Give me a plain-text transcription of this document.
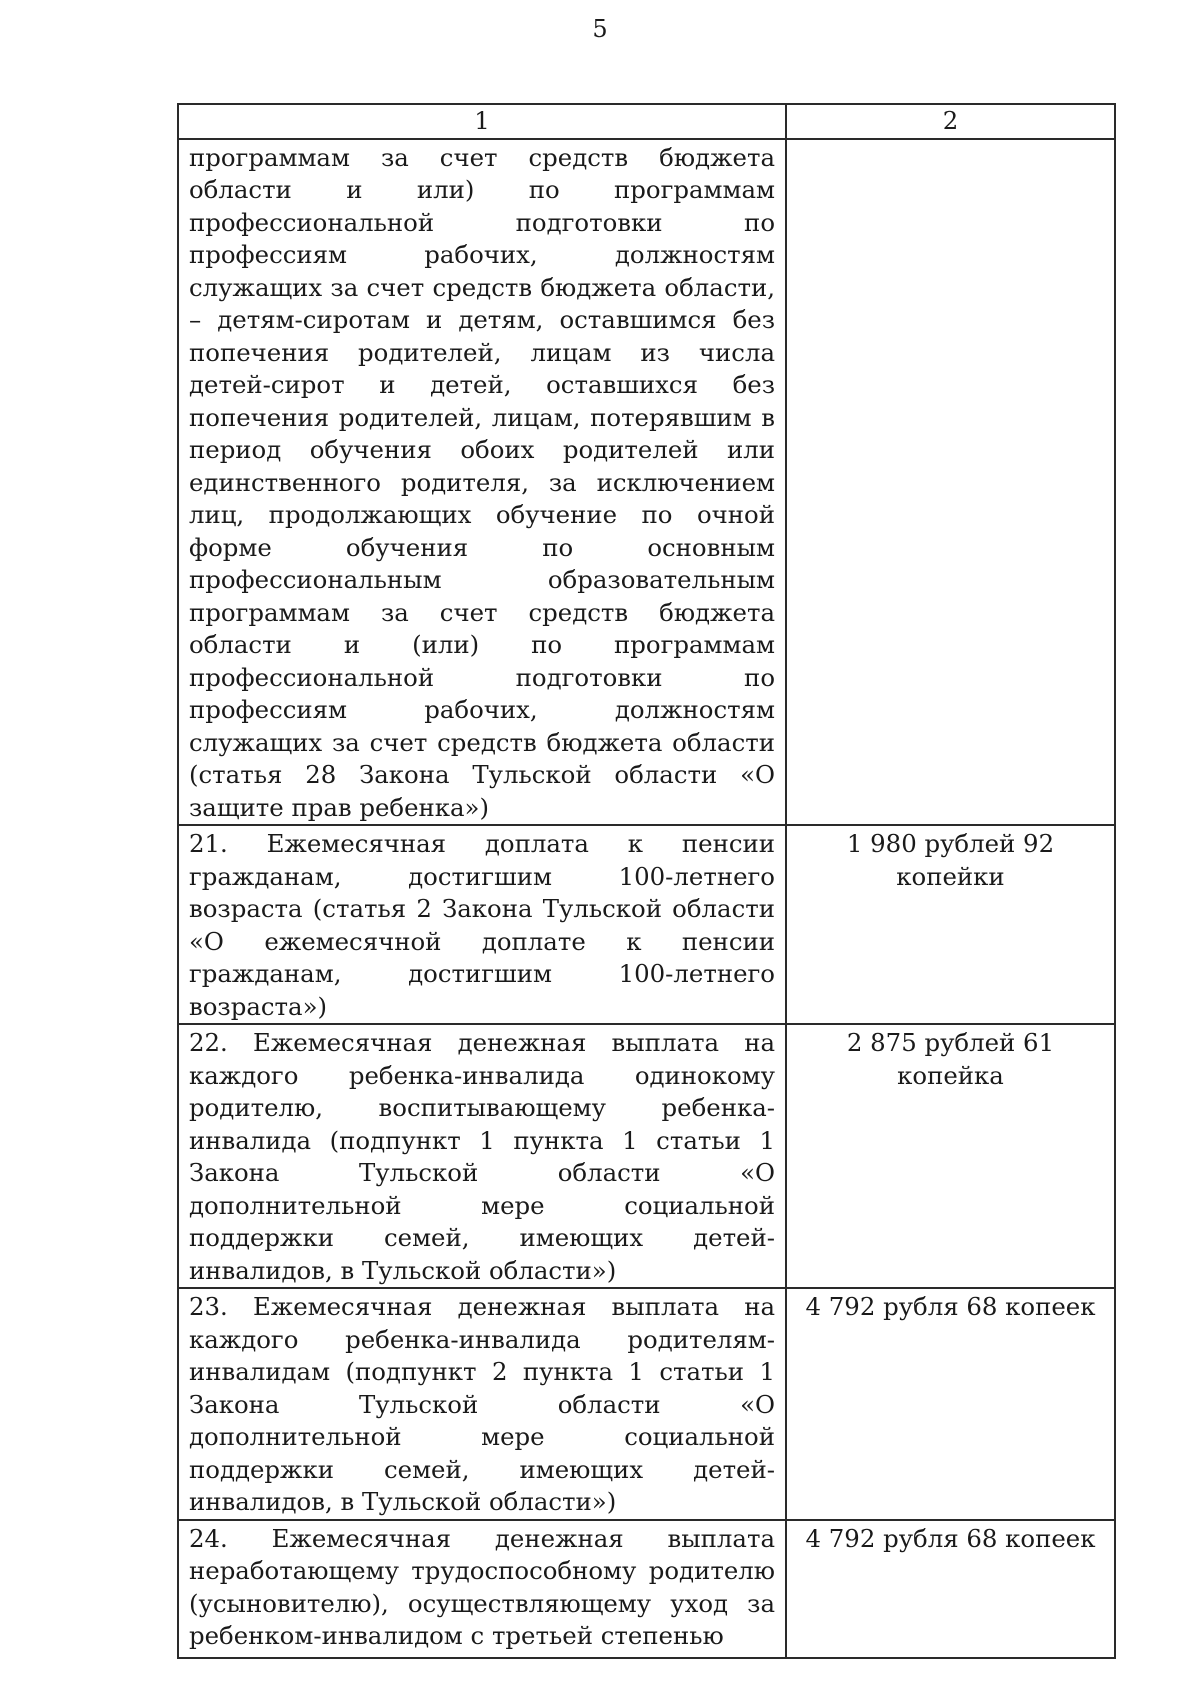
5
1	2

программам за счет средств бюджета области и или) по программам профессиональной подготовки по профессиям рабочих, должностям служащих за счет средств бюджета области, – детям-сиротам и детям, оставшимся без попечения родителей, лицам из числа детей-сирот и детей, оставшихся без попечения родителей, лицам, потерявшим в период обучения обоих родителей или единственного родителя, за исключением лиц, продолжающих обучение по очной форме обучения по основным профессиональным образовательным программам за счет средств бюджета области и (или) по программам профессиональной подготовки по профессиям рабочих, должностям служащих за счет средств бюджета области (статья 28 Закона Тульской области «О защите прав ребенка»)	

21. Ежемесячная доплата к пенсии гражданам, достигшим 100-летнего возраста (статья 2 Закона Тульской области «О ежемесячной доплате к пенсии гражданам, достигшим 100-летнего возраста»)	1 980 рублей 92 копейки

22. Ежемесячная денежная выплата на каждого ребенка-инвалида одинокому родителю, воспитывающему ребенка-инвалида (подпункт 1 пункта 1 статьи 1 Закона Тульской области «О дополнительной мере социальной поддержки семей, имеющих детей-инвалидов, в Тульской области»)	2 875 рублей 61 копейка

23. Ежемесячная денежная выплата на каждого ребенка-инвалида родителям-инвалидам (подпункт 2 пункта 1 статьи 1 Закона Тульской области «О дополнительной мере социальной поддержки семей, имеющих детей-инвалидов, в Тульской области»)	4 792 рубля 68 копеек

24. Ежемесячная денежная выплата неработающему трудоспособному родителю (усыновителю), осуществляющему уход за ребенком-инвалидом с третьей степенью	4 792 рубля 68 копеек
